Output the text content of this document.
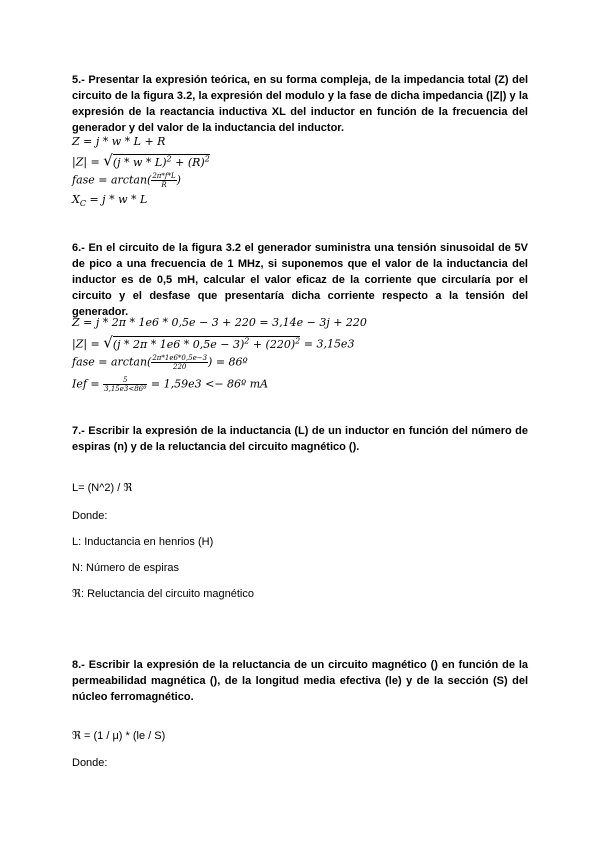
5.- Presentar la expresión teórica, en su forma compleja, de la impedancia total (Z) del circuito de la figura 3.2, la expresión del modulo y la fase de dicha impedancia (|Z|) y la expresión de la reactancia inductiva XL del inductor en función de la frecuencia del generador y del valor de la inductancia del inductor.

Z = j * w * L + R
$|Z| = √(j * w * L)^2 + (R)^2$
fase = $\arctan( \frac{2\pi*f*L}{R}$ )
$X_C = j * w * L$

6.- En el circuito de la figura 3.2 el generador suministra una tensión sinusoidal de 5V de pico a una frecuencia de 1 MHz, si suponemos que el valor de la inductancia del inductor es de 0,5 mH, calcular el valor eficaz de la corriente que circularía por el circuito y el desfase que presentaría dicha corriente respecto a la tensión del generador.

Z = j * 2π * 1e6 * 0,5e − 3 + 220 = 3,14e − 3j + 220
$|Z| = √(j * 2\pi * 1e6 * 0,5e - 3)^2 + (220)^2 = 3,15e3$
fase = $\arctan( \frac{2\pi*1e6*0,5e-3}{220}$ ) = 86º
Ief = $\frac{5}{\text{3,15e3<86º}} = 1,59e3$ <− 86º mA

7.- Escribir la expresión de la inductancia (L) de un inductor en función del número de espiras (n) y de la reluctancia del circuito magnético ().

L= (N^2) / ℜ
Donde:
L: Inductancia en henrios (H)
N: Número de espiras
ℜ: Reluctancia del circuito magnético

8.- Escribir la expresión de la reluctancia de un circuito magnético () en función de la permeabilidad magnética (), de la longitud media efectiva (le) y de la sección (S) del núcleo ferromagnético.

ℜ = (1 / μ) * (le / S)
Donde:
